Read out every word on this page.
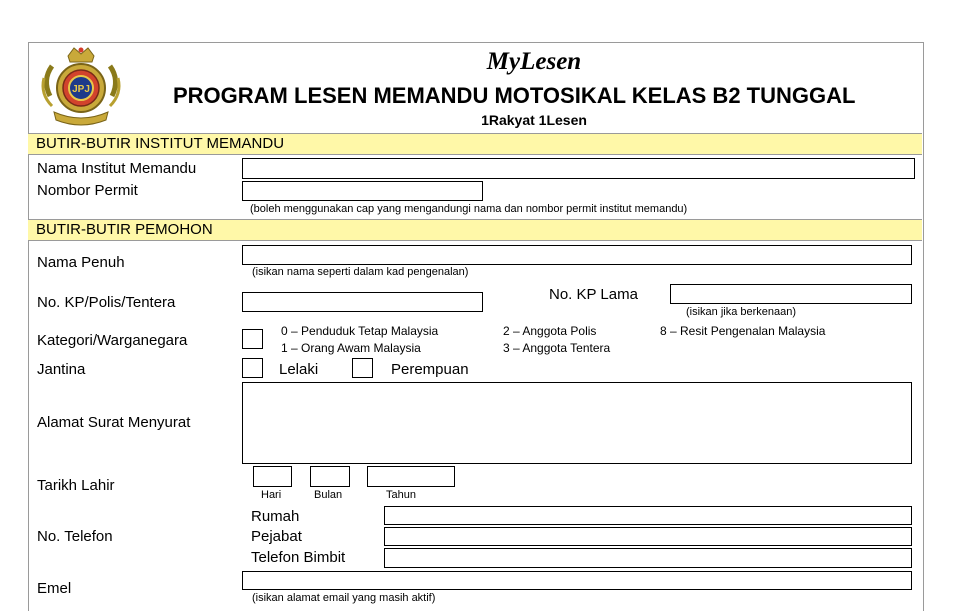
JPJ
MyLesen
PROGRAM LESEN MEMANDU MOTOSIKAL KELAS B2 TUNGGAL
1Rakyat 1Lesen
BUTIR-BUTIR INSTITUT MEMANDU
Nama Institut Memandu
Nombor Permit
(boleh menggunakan cap yang mengandungi nama dan nombor permit institut memandu)
BUTIR-BUTIR PEMOHON
Nama Penuh
(isikan nama seperti dalam kad pengenalan)
No. KP/Polis/Tentera	No. KP Lama
(isikan jika berkenaan)
Kategori/Warganegara
0 – Penduduk Tetap Malaysia
1 – Orang Awam Malaysia
2 – Anggota Polis
3 – Anggota Tentera
8 – Resit Pengenalan Malaysia
Jantina	Lelaki	Perempuan
Alamat Surat Menyurat
Tarikh Lahir
Hari	Bulan	Tahun
No. Telefon
Rumah
Pejabat
Telefon Bimbit
Emel
(isikan alamat email yang masih aktif)
